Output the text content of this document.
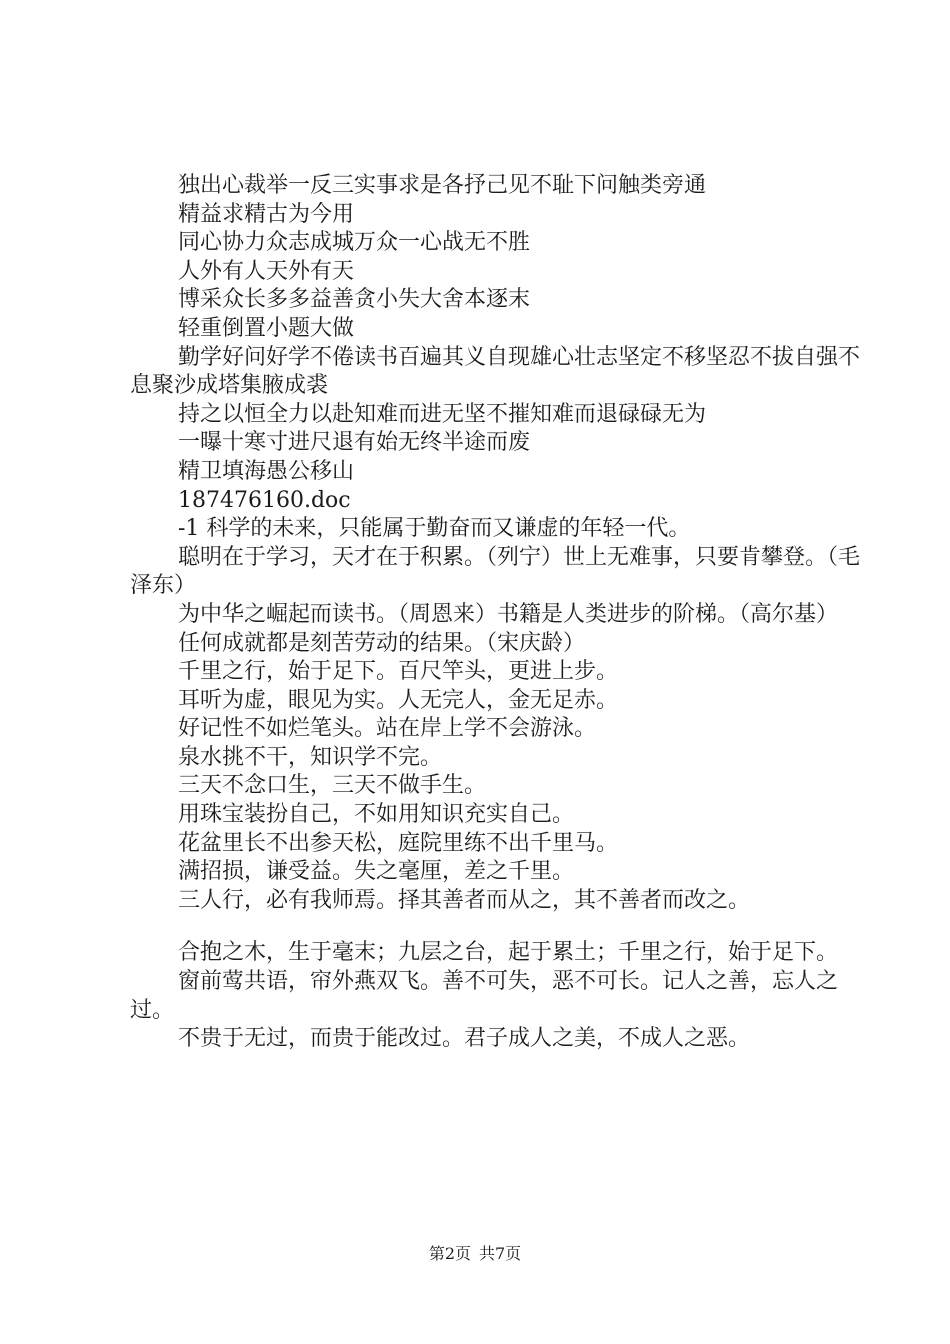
独出心裁举一反三实事求是各抒己见不耻下问触类旁通

精益求精古为今用

同心协力众志成城万众一心战无不胜

人外有人天外有天

博采众长多多益善贪小失大舍本逐末

轻重倒置小题大做

勤学好问好学不倦读书百遍其义自现雄心壮志坚定不移坚忍不拔自强不息聚沙成塔集腋成裘

持之以恒全力以赴知难而进无坚不摧知难而退碌碌无为

一曝十寒寸进尺退有始无终半途而废

精卫填海愚公移山

187476160.doc

-1 科学的未来，只能属于勤奋而又谦虚的年轻一代。

聪明在于学习，天才在于积累。（列宁）世上无难事，只要肯攀登。（毛泽东）

为中华之崛起而读书。（周恩来）书籍是人类进步的阶梯。（高尔基）

任何成就都是刻苦劳动的结果。（宋庆龄）

千里之行，始于足下。百尺竿头，更进上步。

耳听为虚，眼见为实。人无完人，金无足赤。

好记性不如烂笔头。站在岸上学不会游泳。

泉水挑不干，知识学不完。

三天不念口生，三天不做手生。

用珠宝装扮自己，不如用知识充实自己。

花盆里长不出参天松，庭院里练不出千里马。

满招损，谦受益。失之毫厘，差之千里。

三人行，必有我师焉。择其善者而从之，其不善者而改之。

合抱之木，生于毫末；九层之台，起于累土；千里之行，始于足下。

窗前莺共语，帘外燕双飞。善不可失，恶不可长。记人之善，忘人之过。

不贵于无过，而贵于能改过。君子成人之美，不成人之恶。

第2页 共7页
